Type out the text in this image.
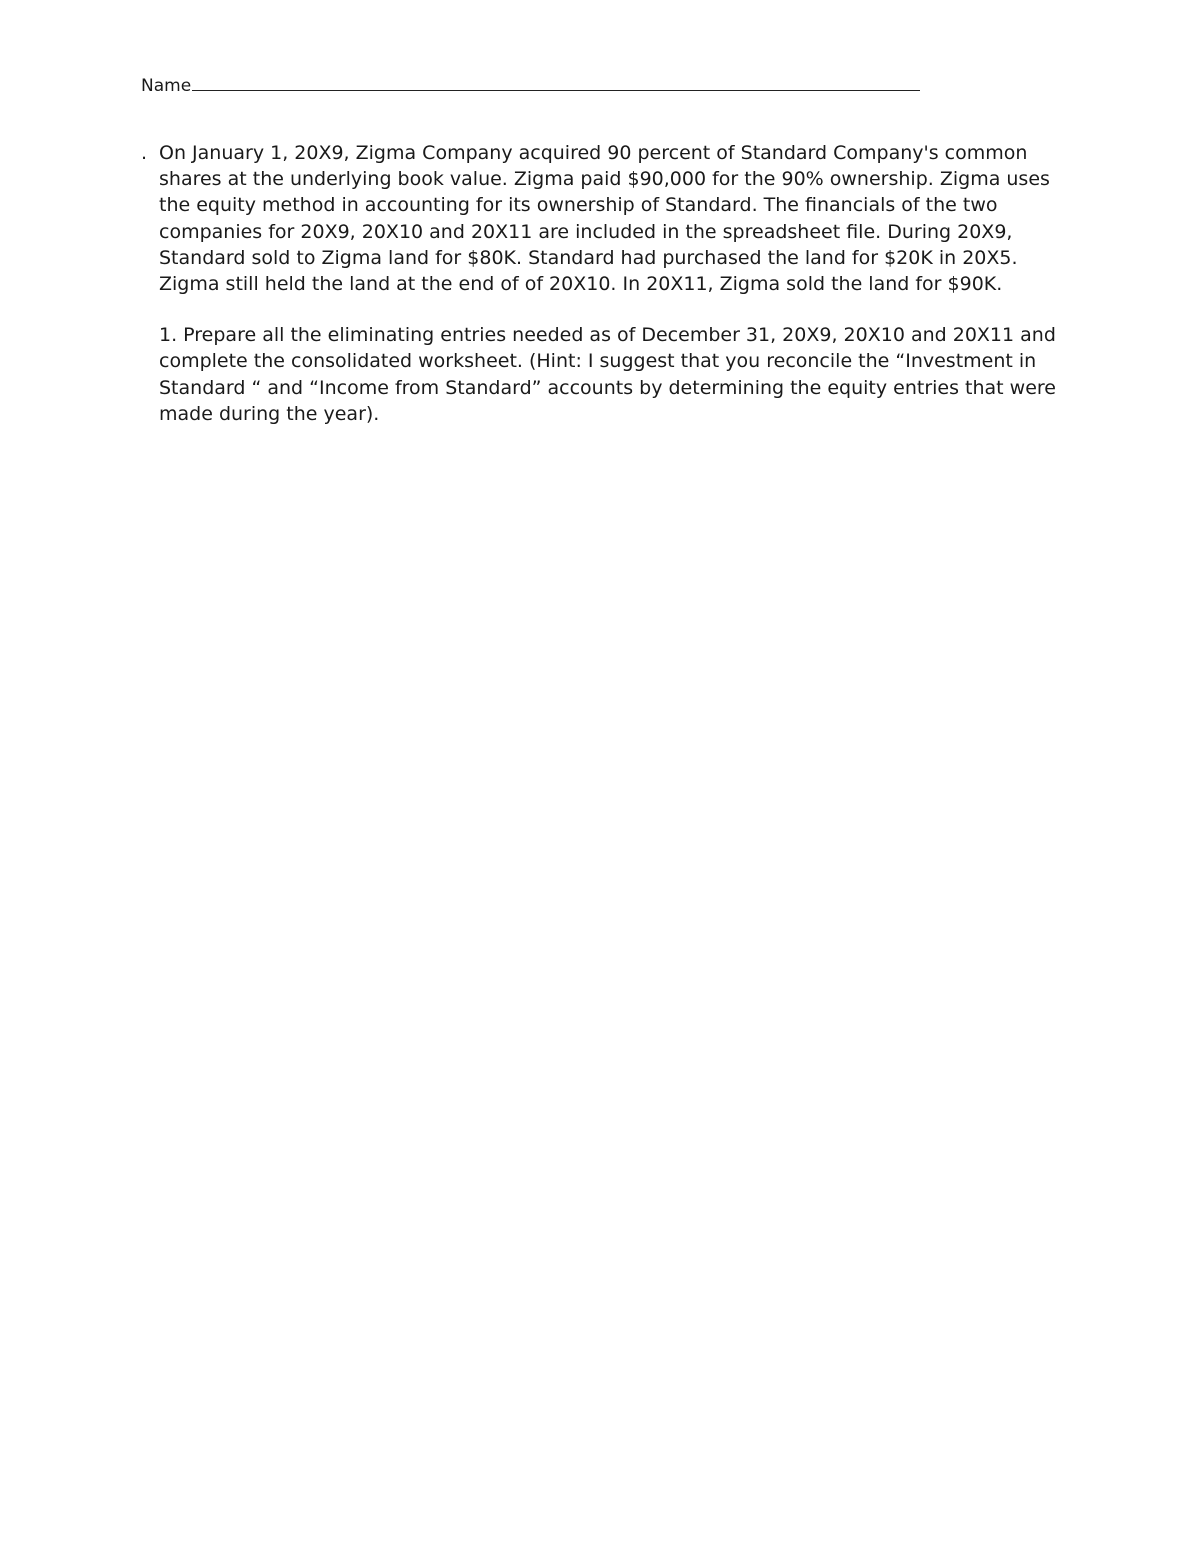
Name
. On January 1, 20X9, Zigma Company acquired 90 percent of Standard Company's common shares at the underlying book value. Zigma paid $90,000 for the 90% ownership. Zigma uses the equity method in accounting for its ownership of Standard. The financials of the two companies for 20X9, 20X10 and 20X11 are included in the spreadsheet file. During 20X9, Standard sold to Zigma land for $80K. Standard had purchased the land for $20K in 20X5. Zigma still held the land at the end of of 20X10. In 20X11, Zigma sold the land for $90K.

1. Prepare all the eliminating entries needed as of December 31, 20X9, 20X10 and 20X11 and complete the consolidated worksheet. (Hint: I suggest that you reconcile the “Investment in Standard “ and “Income from Standard” accounts by determining the equity entries that were made during the year).
